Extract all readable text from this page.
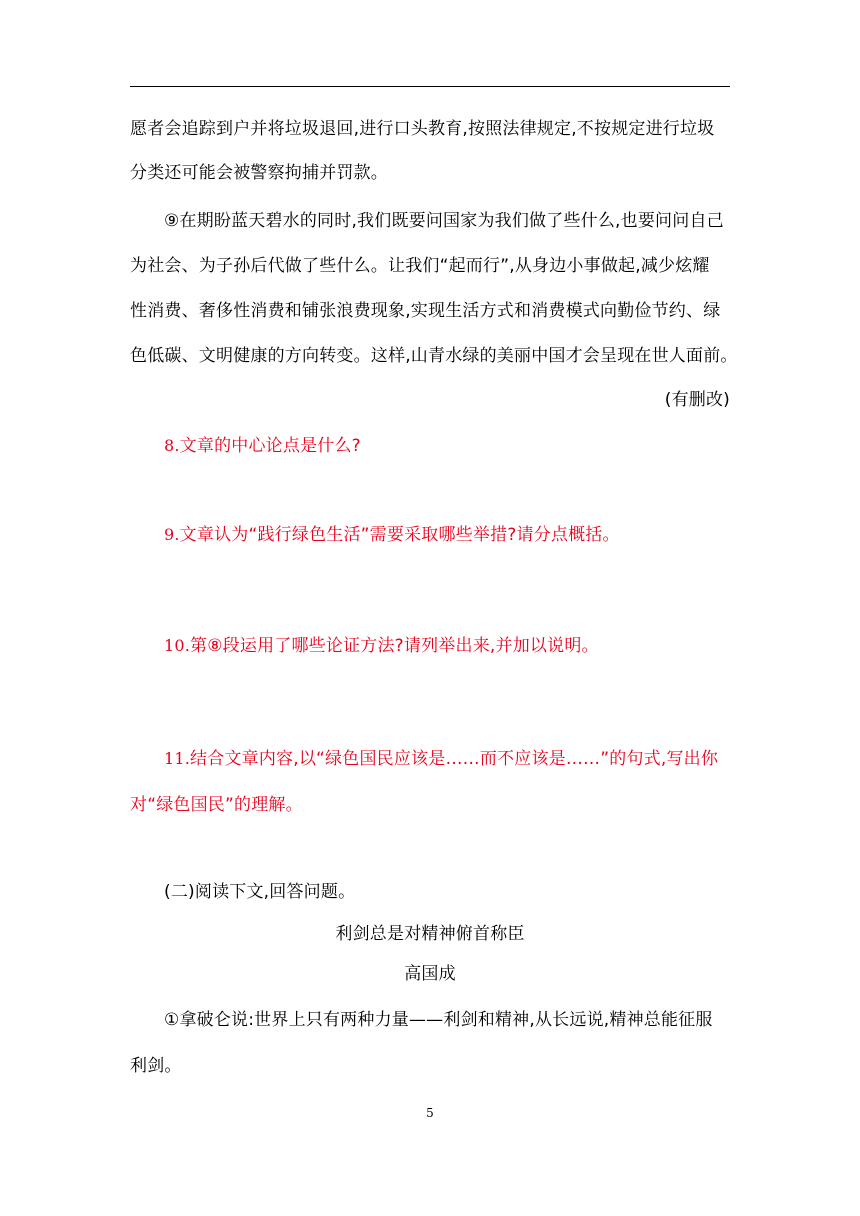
愿者会追踪到户并将垃圾退回,进行口头教育,按照法律规定,不按规定进行垃圾
分类还可能会被警察拘捕并罚款。
⑨在期盼蓝天碧水的同时,我们既要问国家为我们做了些什么,也要问问自己
为社会、为子孙后代做了些什么。让我们“起而行”,从身边小事做起,减少炫耀
性消费、奢侈性消费和铺张浪费现象,实现生活方式和消费模式向勤俭节约、绿
色低碳、文明健康的方向转变。这样,山青水绿的美丽中国才会呈现在世人面前。
(有删改)
8.文章的中心论点是什么?
9.文章认为“践行绿色生活”需要采取哪些举措?请分点概括。
10.第⑧段运用了哪些论证方法?请列举出来,并加以说明。
11.结合文章内容,以“绿色国民应该是……而不应该是……”的句式,写出你
对“绿色国民”的理解。
(二)阅读下文,回答问题。
利剑总是对精神俯首称臣
高国成
①拿破仑说:世界上只有两种力量——利剑和精神,从长远说,精神总能征服
利剑。
5
